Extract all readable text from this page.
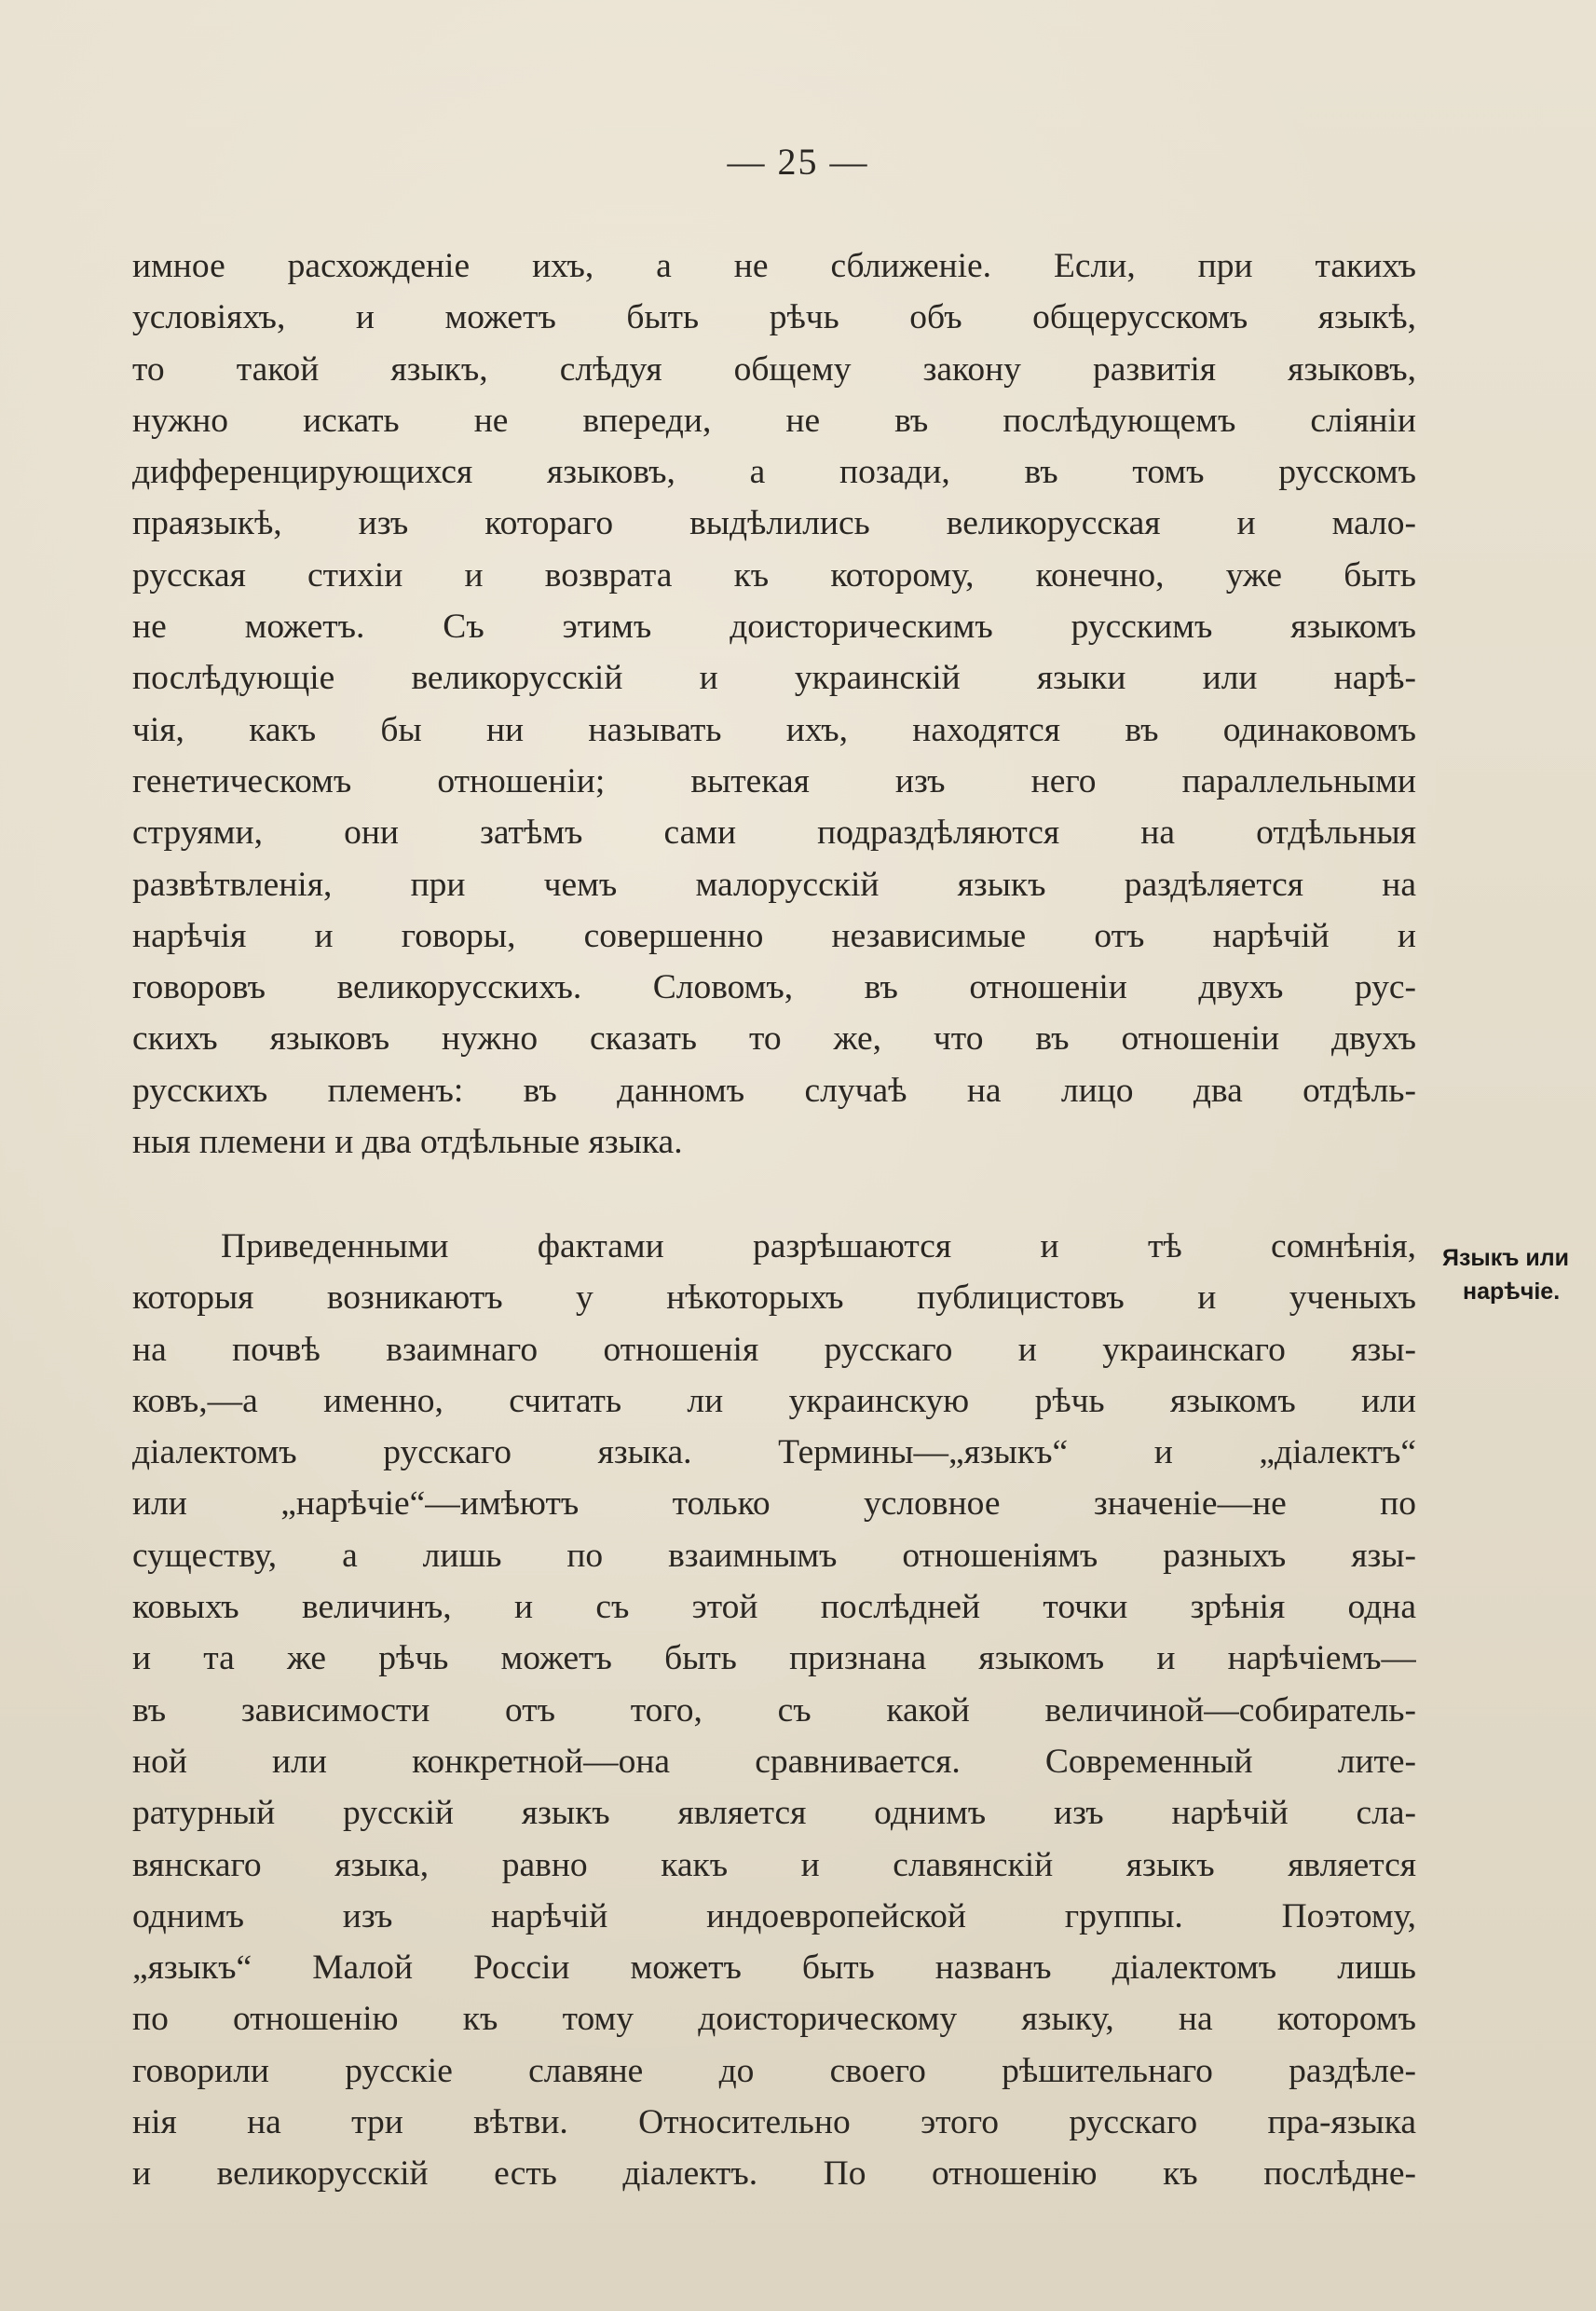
— 25 —
имное расхожденіе ихъ, а не сближеніе. Если, при такихъ
условіяхъ, и можетъ быть рѣчь объ общерусскомъ языкѣ,
то такой языкъ, слѣдуя общему закону развитія языковъ,
нужно искать не впереди, не въ послѣдующемъ сліяніи
дифференцирующихся языковъ, а позади, въ томъ русскомъ
праязыкѣ, изъ котораго выдѣлились великорусская и мало-
русская стихіи и возврата къ которому, конечно, уже быть
не можетъ. Съ этимъ доисторическимъ русскимъ языкомъ
послѣдующіе великорусскій и украинскій языки или нарѣ-
чія, какъ бы ни называть ихъ, находятся въ одинаковомъ
генетическомъ отношеніи; вытекая изъ него параллельными
струями, они затѣмъ сами подраздѣляются на отдѣльныя
развѣтвленія, при чемъ малорусскій языкъ раздѣляется на
нарѣчія и говоры, совершенно независимые отъ нарѣчій и
говоровъ великорусскихъ. Словомъ, въ отношеніи двухъ рус-
скихъ языковъ нужно сказать то же, что въ отношеніи двухъ
русскихъ племенъ: въ данномъ случаѣ на лицо два отдѣль-
ныя племени и два отдѣльные языка.
Языкъ или
нарѣчіе.
Приведенными фактами разрѣшаются и тѣ сомнѣнія,
которыя возникаютъ у нѣкоторыхъ публицистовъ и ученыхъ
на почвѣ взаимнаго отношенія русскаго и украинскаго язы-
ковъ,—а именно, считать ли украинскую рѣчь языкомъ или
діалектомъ русскаго языка. Термины—„языкъ“ и „діалектъ“
или „нарѣчіе“—имѣютъ только условное значеніе—не по
существу, а лишь по взаимнымъ отношеніямъ разныхъ язы-
ковыхъ величинъ, и съ этой послѣдней точки зрѣнія одна
и та же рѣчь можетъ быть признана языкомъ и нарѣчіемъ—
въ зависимости отъ того, съ какой величиной—собиратель-
ной или конкретной—она сравнивается. Современный лите-
ратурный русскій языкъ является однимъ изъ нарѣчій сла-
вянскаго языка, равно какъ и славянскій языкъ является
однимъ изъ нарѣчій индоевропейской группы. Поэтому,
„языкъ“ Малой Россіи можетъ быть названъ діалектомъ лишь
по отношенію къ тому доисторическому языку, на которомъ
говорили русскіе славяне до своего рѣшительнаго раздѣле-
нія на три вѣтви. Относительно этого русскаго пра-языка
и великорусскій есть діалектъ. По отношенію къ послѣдне-
